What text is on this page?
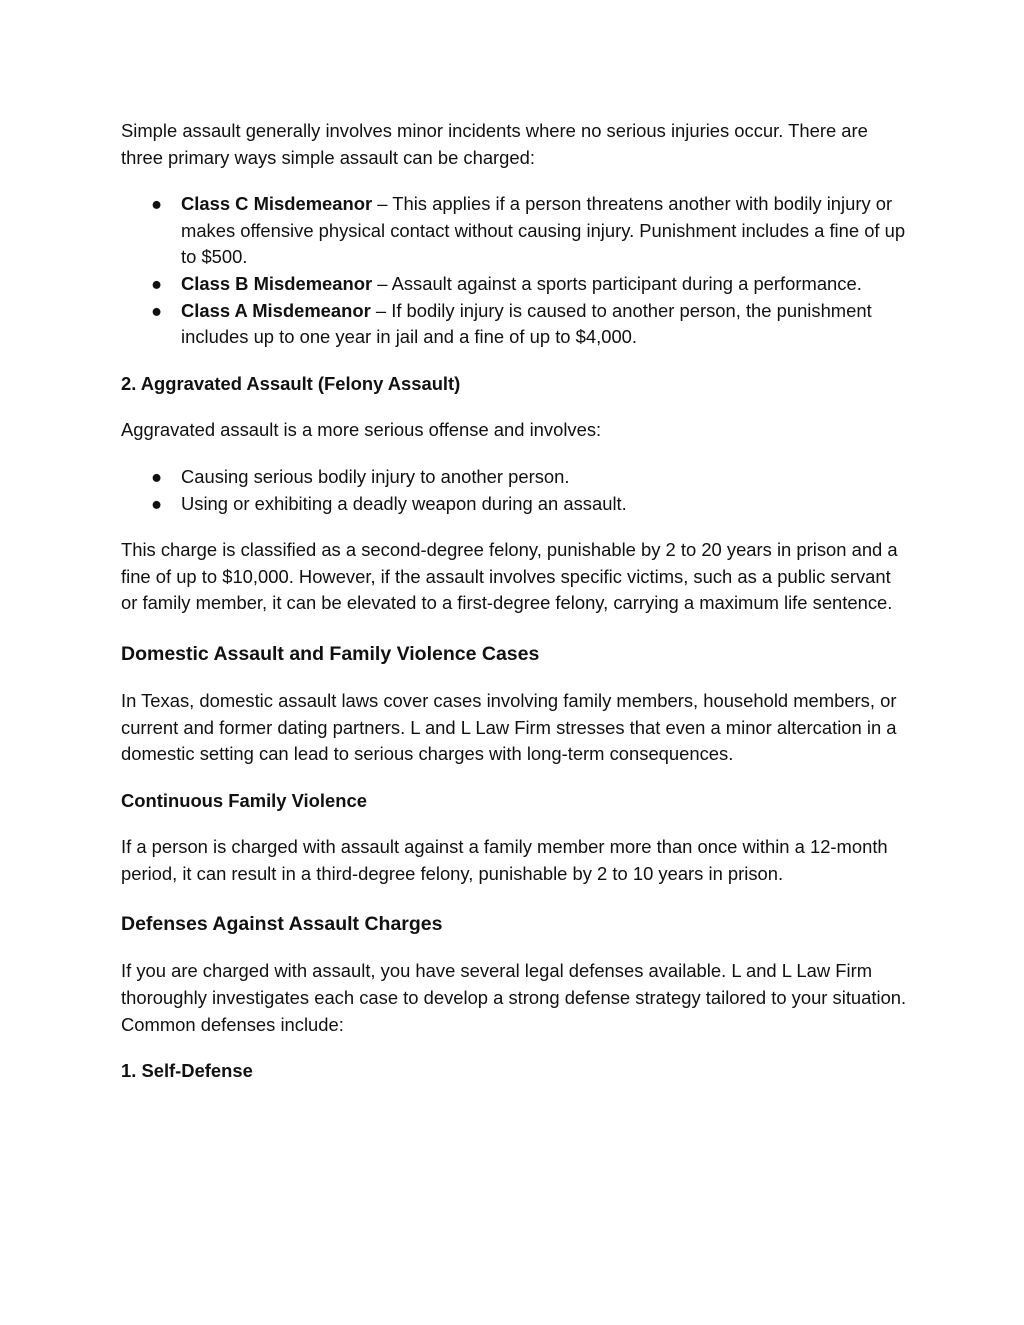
Simple assault generally involves minor incidents where no serious injuries occur. There are three primary ways simple assault can be charged:

● Class C Misdemeanor – This applies if a person threatens another with bodily injury or makes offensive physical contact without causing injury. Punishment includes a fine of up to $500.
● Class B Misdemeanor – Assault against a sports participant during a performance.
● Class A Misdemeanor – If bodily injury is caused to another person, the punishment includes up to one year in jail and a fine of up to $4,000.
2. Aggravated Assault (Felony Assault)

Aggravated assault is a more serious offense and involves:

● Causing serious bodily injury to another person.
● Using or exhibiting a deadly weapon during an assault.

This charge is classified as a second-degree felony, punishable by 2 to 20 years in prison and a fine of up to $10,000. However, if the assault involves specific victims, such as a public servant or family member, it can be elevated to a first-degree felony, carrying a maximum life sentence.

Domestic Assault and Family Violence Cases

In Texas, domestic assault laws cover cases involving family members, household members, or current and former dating partners. L and L Law Firm stresses that even a minor altercation in a domestic setting can lead to serious charges with long-term consequences.

Continuous Family Violence

If a person is charged with assault against a family member more than once within a 12-month period, it can result in a third-degree felony, punishable by 2 to 10 years in prison.

Defenses Against Assault Charges

If you are charged with assault, you have several legal defenses available. L and L Law Firm thoroughly investigates each case to develop a strong defense strategy tailored to your situation. Common defenses include:

1. Self-Defense
